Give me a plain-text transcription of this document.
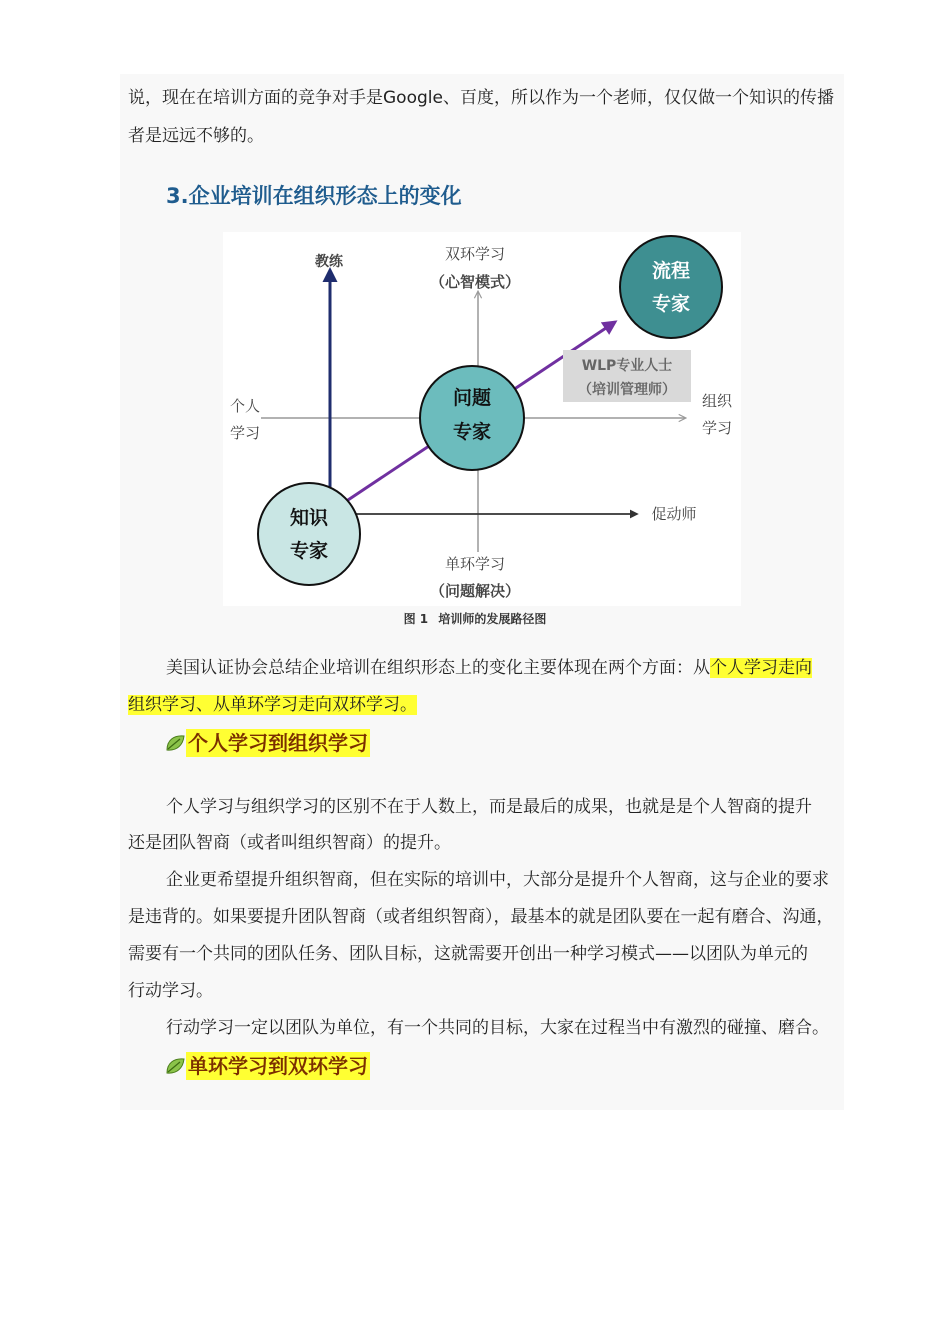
说，现在在培训方面的竞争对手是Google、百度，所以作为一个老师，仅仅做一个知识的传播
者是远远不够的。
3.企业培训在组织形态上的变化
WLP专业人士
（培训管理师）
流程
专家
问题
专家
知识
专家
教练	双环学习
（心智模式）
个人
学习
组织
学习
促动师
单环学习
（问题解决）
图 1 培训师的发展路径图
美国认证协会总结企业培训在组织形态上的变化主要体现在两个方面：从个人学习走向
组织学习、从单环学习走向双环学习。
个人学习到组织学习
个人学习与组织学习的区别不在于人数上，而是最后的成果，也就是是个人智商的提升
还是团队智商（或者叫组织智商）的提升。
企业更希望提升组织智商，但在实际的培训中，大部分是提升个人智商，这与企业的要求
是违背的。如果要提升团队智商（或者组织智商），最基本的就是团队要在一起有磨合、沟通，
需要有一个共同的团队任务、团队目标，这就需要开创出一种学习模式——以团队为单元的
行动学习。
行动学习一定以团队为单位，有一个共同的目标，大家在过程当中有激烈的碰撞、磨合。
单环学习到双环学习
